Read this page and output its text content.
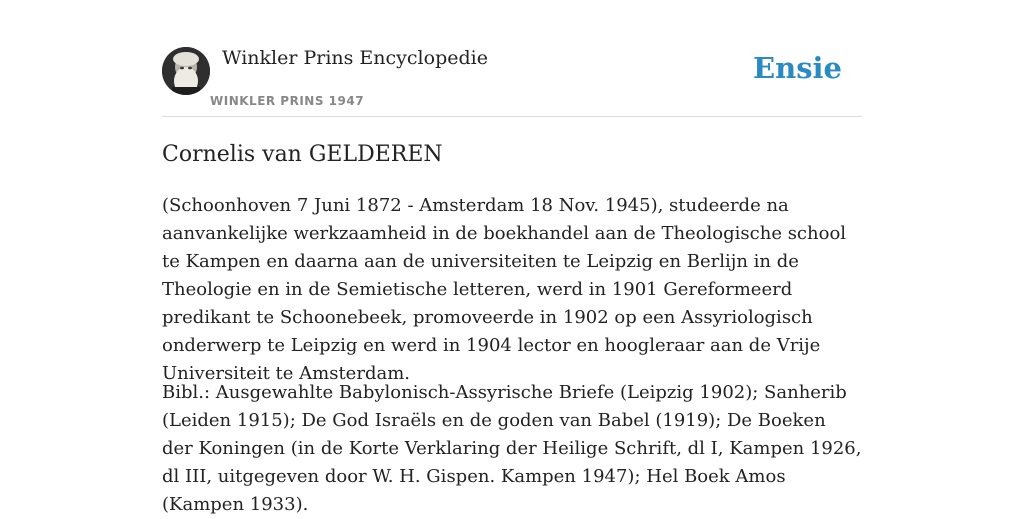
Winkler Prins Encyclopedie
WINKLER PRINS 1947
Ensie
Cornelis van GELDEREN

(Schoonhoven 7 Juni 1872 - Amsterdam 18 Nov. 1945), studeerde na aanvankelijke werkzaamheid in de boekhandel aan de Theologische school te Kampen en daarna aan de universiteiten te Leipzig en Berlijn in de Theologie en in de Semietische letteren, werd in 1901 Gereformeerd predikant te Schoonebeek, promoveerde in 1902 op een Assyriologisch onderwerp te Leipzig en werd in 1904 lector en hoogleraar aan de Vrije Universiteit te Amsterdam.

Bibl.: Ausgewahlte Babylonisch-Assyrische Briefe (Leipzig 1902); Sanherib (Leiden 1915); De God Israëls en de goden van Babel (1919); De Boeken der Koningen (in de Korte Verklaring der Heilige Schrift, dl I, Kampen 1926, dl III, uitgegeven door W. H. Gispen. Kampen 1947); Hel Boek Amos (Kampen 1933).
